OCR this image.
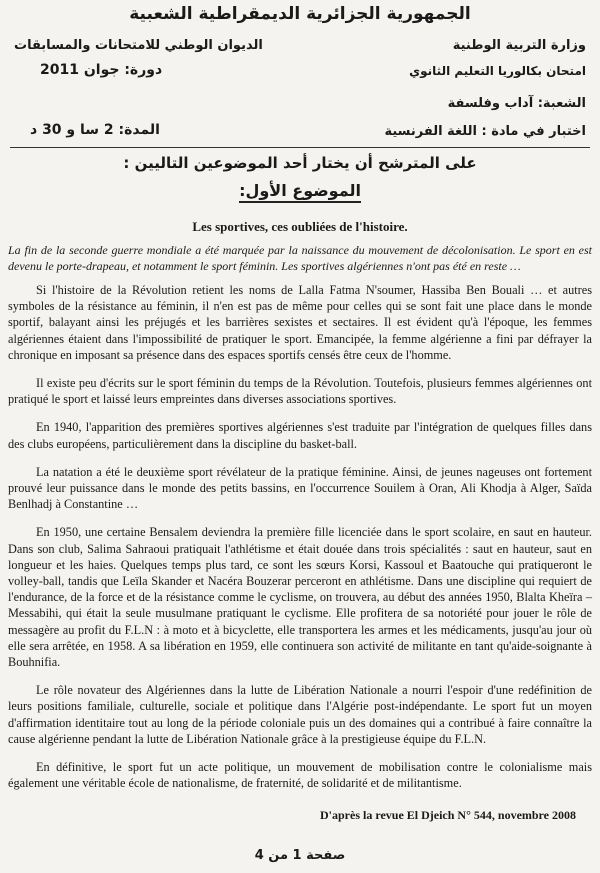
الجمهورية الجزائرية الديمقراطية الشعبية
الديوان الوطني للامتحانات والمسابقات	وزارة التربية الوطنية
دورة: جوان 2011	امتحان بكالوريا التعليم الثانوي
الشعبة: آداب وفلسفة
المدة: 2 سا و 30 د	اختبار في مادة : اللغة الفرنسية
على المترشح أن يختار أحد الموضوعين التاليين :
الموضوع الأول:
Les sportives, ces oubliées de l'histoire.
La fin de la seconde guerre mondiale a été marquée par la naissance du mouvement de décolonisation. Le sport en est devenu le porte-drapeau, et notamment le sport féminin. Les sportives algériennes n'ont pas été en reste …

Si l'histoire de la Révolution retient les noms de Lalla Fatma N'soumer, Hassiba Ben Bouali … et autres symboles de la résistance au féminin, il n'en est pas de même pour celles qui se sont fait une place dans le monde sportif, balayant ainsi les préjugés et les barrières sexistes et sectaires. Il est évident qu'à l'époque, les femmes algériennes étaient dans l'impossibilité de pratiquer le sport. Emancipée, la femme algérienne a fini par défrayer la chronique en imposant sa présence dans des espaces sportifs censés être ceux de l'homme.

Il existe peu d'écrits sur le sport féminin du temps de la Révolution. Toutefois, plusieurs femmes algériennes ont pratiqué le sport et laissé leurs empreintes dans diverses associations sportives.

En 1940, l'apparition des premières sportives algériennes s'est traduite par l'intégration de quelques filles dans des clubs européens, particulièrement dans la discipline du basket-ball.

La natation a été le deuxième sport révélateur de la pratique féminine. Ainsi, de jeunes nageuses ont fortement prouvé leur puissance dans le monde des petits bassins, en l'occurrence Souilem à Oran, Ali Khodja à Alger, Saïda Benlhadj à Constantine …

En 1950, une certaine Bensalem deviendra la première fille licenciée dans le sport scolaire, en saut en hauteur. Dans son club, Salima Sahraoui pratiquait l'athlétisme et était douée dans trois spécialités : saut en hauteur, saut en longueur et les haies. Quelques temps plus tard, ce sont les sœurs Korsi, Kassoul et Baatouche qui pratiqueront le volley-ball, tandis que Leïla Skander et Nacéra Bouzerar perceront en athlétisme. Dans une discipline qui requiert de l'endurance, de la force et de la résistance comme le cyclisme, on trouvera, au début des années 1950, Blalta Kheïra – Messabihi, qui était la seule musulmane pratiquant le cyclisme. Elle profitera de sa notoriété pour jouer le rôle de messagère au profit du F.L.N : à moto et à bicyclette, elle transportera les armes et les médicaments, jusqu'au jour où elle sera arrêtée, en 1958. A sa libération en 1959, elle continuera son activité de militante en tant qu'aide-soignante à Bouhnifia.

Le rôle novateur des Algériennes dans la lutte de Libération Nationale a nourri l'espoir d'une redéfinition de leurs positions familiale, culturelle, sociale et politique dans l'Algérie post-indépendante. Le sport fut un moyen d'affirmation identitaire tout au long de la période coloniale puis un des domaines qui a contribué à faire connaître la cause algérienne pendant la lutte de Libération Nationale grâce à la prestigieuse équipe du F.L.N.

En définitive, le sport fut un acte politique, un mouvement de mobilisation contre le colonialisme mais également une véritable école de nationalisme, de fraternité, de solidarité et de militantisme.

D'après la revue El Djeich N° 544, novembre 2008
صفحة 1 من 4
